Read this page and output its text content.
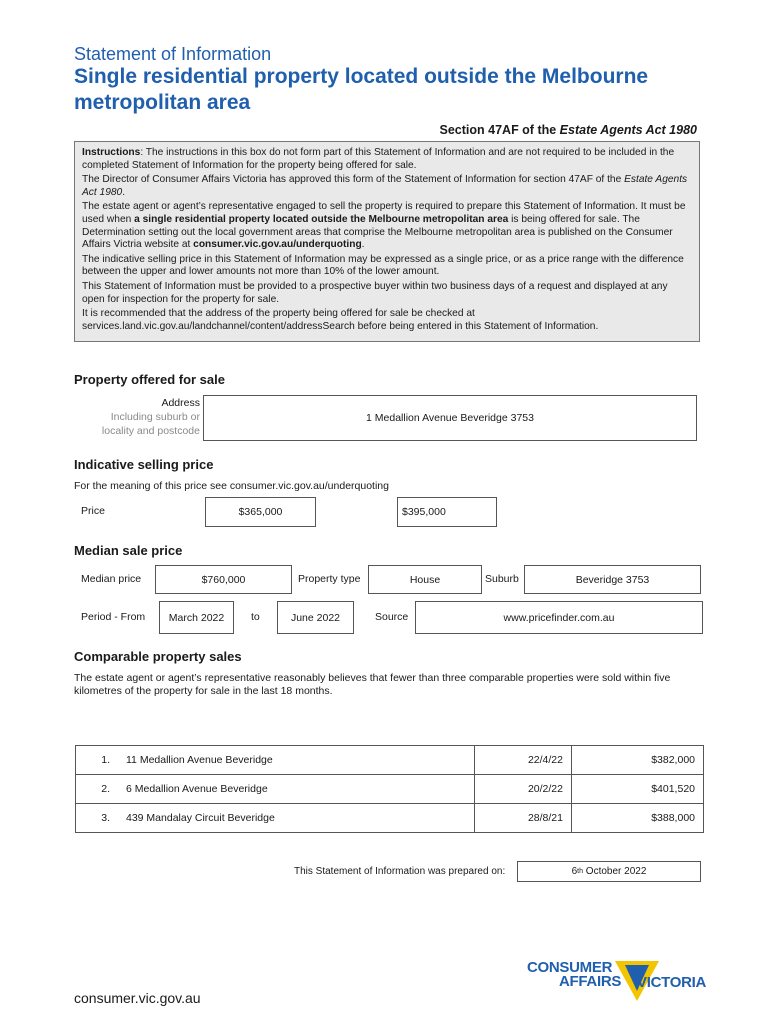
Statement of Information
Single residential property located outside the Melbourne metropolitan area
Section 47AF of the Estate Agents Act 1980

Instructions: The instructions in this box do not form part of this Statement of Information and are not required to be included in the completed Statement of Information for the property being offered for sale.

The Director of Consumer Affairs Victoria has approved this form of the Statement of Information for section 47AF of the Estate Agents Act 1980.

The estate agent or agent’s representative engaged to sell the property is required to prepare this Statement of Information. It must be used when a single residential property located outside the Melbourne metropolitan area is being offered for sale. The Determination setting out the local government areas that comprise the Melbourne metropolitan area is published on the Consumer Affairs Victria website at consumer.vic.gov.au/underquoting.

The indicative selling price in this Statement of Information may be expressed as a single price, or as a price range with the difference between the upper and lower amounts not more than 10% of the lower amount.

This Statement of Information must be provided to a prospective buyer within two business days of a request and displayed at any open for inspection for the property for sale.

It is recommended that the address of the property being offered for sale be checked at services.land.vic.gov.au/landchannel/content/addressSearch before being entered in this Statement of Information.

Property offered for sale
Address
Including suburb or
locality and postcode
1 Medallion Avenue Beveridge 3753
Indicative selling price
For the meaning of this price see consumer.vic.gov.au/underquoting
Price	$365,000	$395,000
Median sale price
Median price	$760,000	Property type	House	Suburb	Beveridge 3753
Period - From	March 2022	to	June 2022	Source	www.pricefinder.com.au
Comparable property sales
The estate agent or agent’s representative reasonably believes that fewer than three comparable properties were sold within five kilometres of the property for sale in the last 18 months.
1.	11 Medallion Avenue Beveridge	22/4/22	$382,000
2.	6 Medallion Avenue Beveridge	20/2/22	$401,520
3.	439 Mandalay Circuit Beveridge	28/8/21	$388,000
This Statement of Information was prepared on:	6 th October 2022
CONSUMER
AFFAIRS VICTORIA
consumer.vic.gov.au
